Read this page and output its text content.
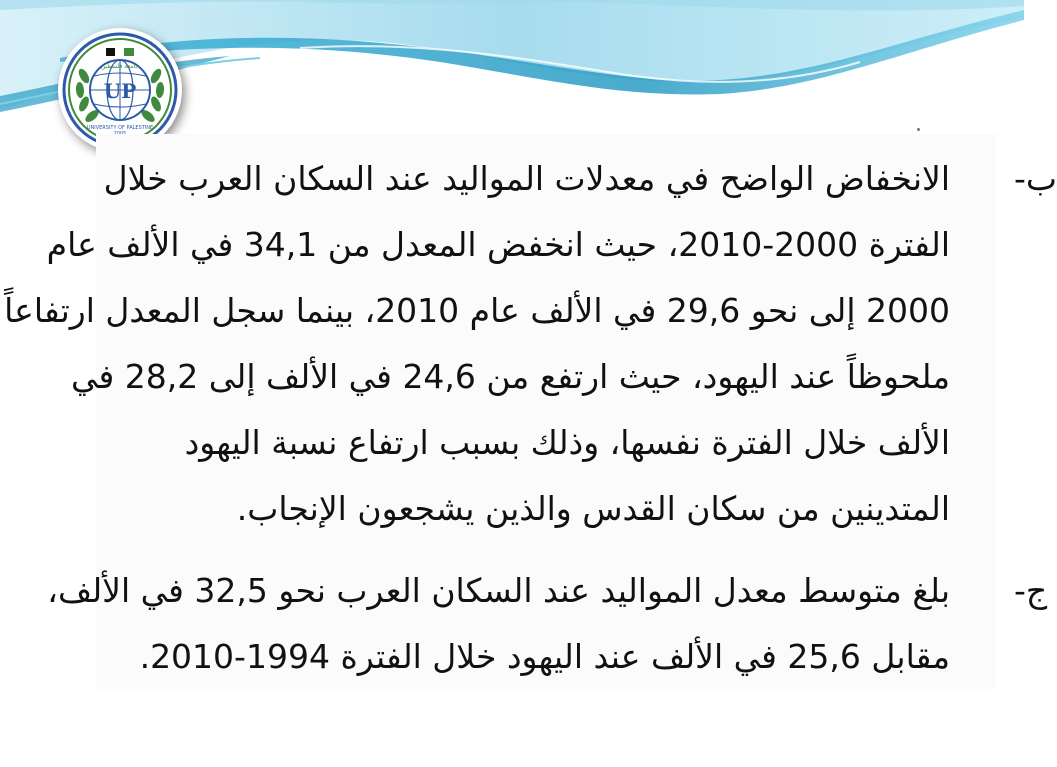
UP
UNIVERSITY OF PALESTINE
جامعة فلسطين
ب-
الانخفاض الواضح في معدلات المواليد عند السكان العرب خلال
الفترة 2000-2010، حيث انخفض المعدل من 34,1 في الألف عام
2000 إلى نحو 29,6 في الألف عام 2010، بينما سجل المعدل ارتفاعاً
ملحوظاً عند اليهود، حيث ارتفع من 24,6 في الألف إلى 28,2 في
الألف خلال الفترة نفسها، وذلك بسبب ارتفاع نسبة اليهود
المتدينين من سكان القدس والذين يشجعون الإنجاب.
ج-
بلغ متوسط معدل المواليد عند السكان العرب نحو 32,5 في الألف،
مقابل 25,6 في الألف عند اليهود خلال الفترة 1994-2010.
